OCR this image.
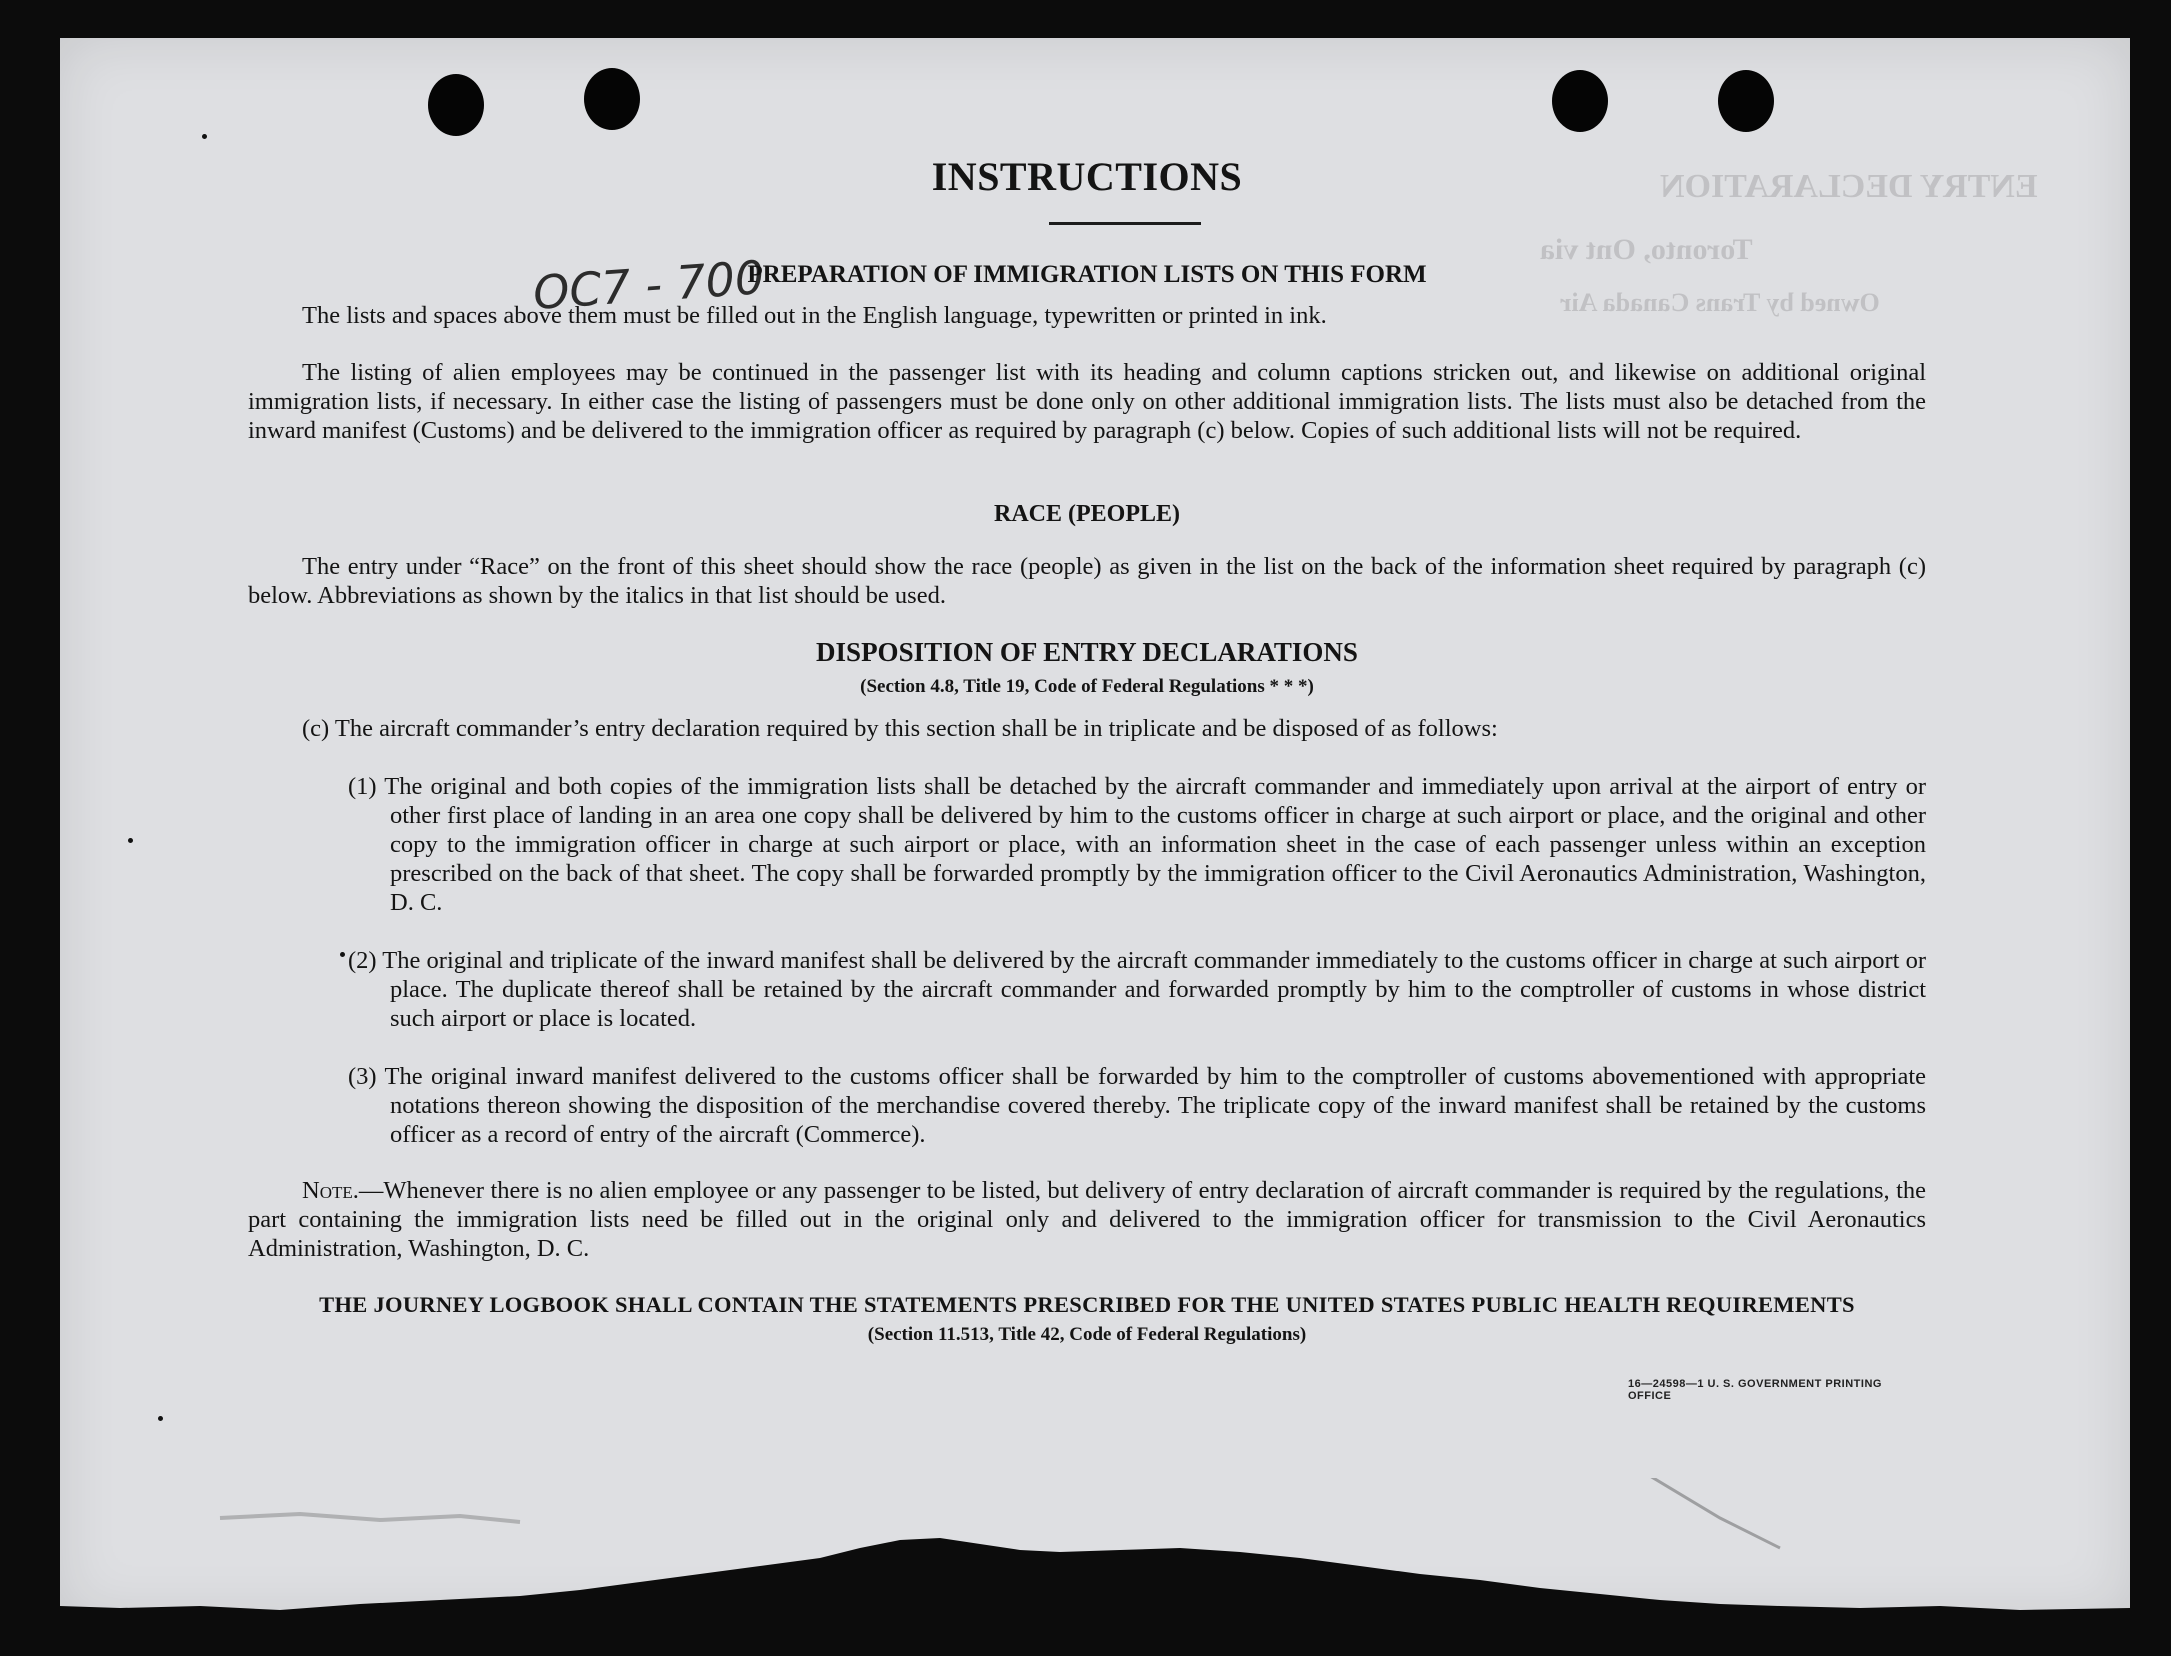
ENTRY DECLARATION
Toronto, Ont via
Owned by Trans Canada Air
INSTRUCTIONS
OC7 - 700
PREPARATION OF IMMIGRATION LISTS ON THIS FORM

The lists and spaces above them must be filled out in the English language, typewritten or printed in ink.

The listing of alien employees may be continued in the passenger list with its heading and column captions stricken out, and likewise on additional original immigration lists, if necessary. In either case the listing of passengers must be done only on other additional immigration lists. The lists must also be detached from the inward manifest (Customs) and be delivered to the immigration officer as required by paragraph (c) below. Copies of such additional lists will not be required.

RACE (PEOPLE)

The entry under “Race” on the front of this sheet should show the race (people) as given in the list on the back of the information sheet required by paragraph (c) below. Abbreviations as shown by the italics in that list should be used.

DISPOSITION OF ENTRY DECLARATIONS
(Section 4.8, Title 19, Code of Federal Regulations * * *)

(c) The aircraft commander’s entry declaration required by this section shall be in triplicate and be disposed of as follows:

(1) The original and both copies of the immigration lists shall be detached by the aircraft commander and immediately upon arrival at the airport of entry or other first place of landing in an area one copy shall be delivered by him to the customs officer in charge at such airport or place, and the original and other copy to the immigration officer in charge at such airport or place, with an information sheet in the case of each passenger unless within an exception prescribed on the back of that sheet. The copy shall be forwarded promptly by the immigration officer to the Civil Aeronautics Administration, Washington, D. C.

(2) The original and triplicate of the inward manifest shall be delivered by the aircraft commander immediately to the customs officer in charge at such airport or place. The duplicate thereof shall be retained by the aircraft commander and forwarded promptly by him to the comptroller of customs in whose district such airport or place is located.

(3) The original inward manifest delivered to the customs officer shall be forwarded by him to the comptroller of customs abovementioned with appropriate notations thereon showing the disposition of the merchandise covered thereby. The triplicate copy of the inward manifest shall be retained by the customs officer as a record of entry of the aircraft (Commerce).

Note.—Whenever there is no alien employee or any passenger to be listed, but delivery of entry declaration of aircraft commander is required by the regulations, the part containing the immigration lists need be filled out in the original only and delivered to the immigration officer for transmission to the Civil Aeronautics Administration, Washington, D. C.

THE JOURNEY LOGBOOK SHALL CONTAIN THE STATEMENTS PRESCRIBED FOR THE UNITED STATES PUBLIC HEALTH REQUIREMENTS
(Section 11.513, Title 42, Code of Federal Regulations)
16—24598—1 U. S. GOVERNMENT PRINTING OFFICE
